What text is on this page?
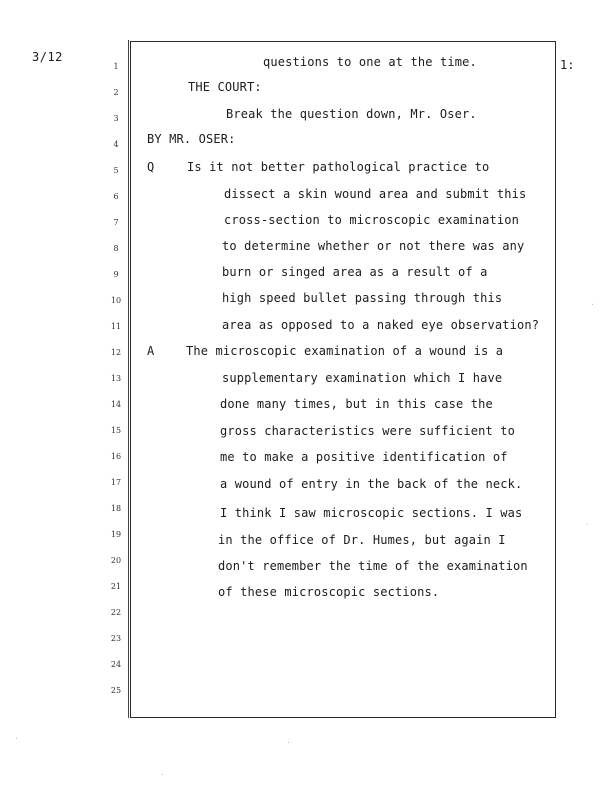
3/12
1:
1
2
3
4
5
6
7
8
9
10
11
12
13
14
15
16
17
18
19
20
21
22
23
24
25
questions to one at the time.
THE COURT:
Break the question down, Mr. Oser.
BY MR. OSER:
Q	Is it not better pathological practice to
dissect a skin wound area and submit this
cross-section to microscopic examination
to determine whether or not there was any
burn or singed area as a result of a
high speed bullet passing through this
area as opposed to a naked eye observation?
A	The microscopic examination of a wound is a
supplementary examination which I have
done many times, but in this case the
gross characteristics were sufficient to
me to make a positive identification of
a wound of entry in the back of the neck.
I think I saw microscopic sections. I was
in the office of Dr. Humes, but again I
don't remember the time of the examination
of these microscopic sections.
·
·
·
·
·
